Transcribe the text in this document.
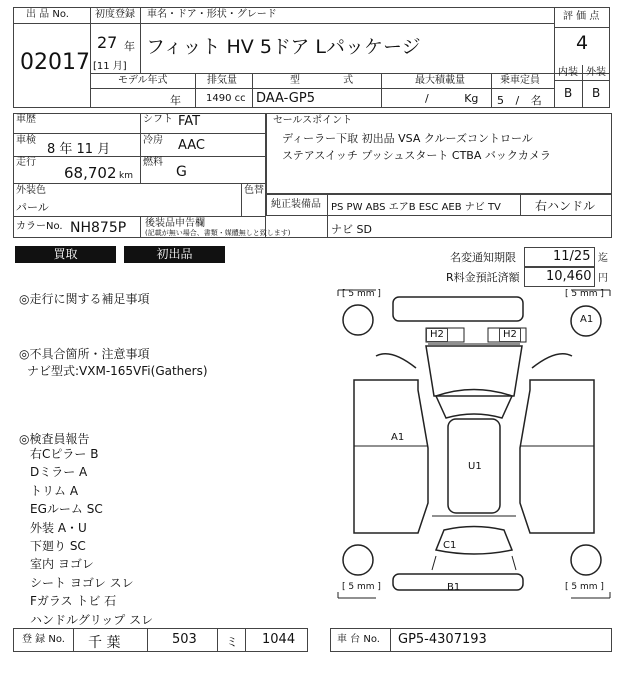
出 品 No.
02017
初度登録
27 年
[11 月]
車名・ドア・形状・グレード
フィット HV 5ドア Lパッケージ
評 価 点
4
モデル年式
年
排気量
1490 cc
型 式
DAA-GP5
最大積載量
/ Kg
乗車定員
5 / 名
内装 外装
B B
車歴	シフト FAT
車検
8 年 11 月
冷房 AAC
走行
68,702 km
燃料
G
外装色
パール
色替
カラーNo. NH875P
セールスポイント
ディーラー下取 初出品 VSA クルーズコントロール
ステアスイッチ プッシュスタート CTBA バックカメラ
純正装備品 PS PW ABS エアB ESC AEB ナビ TV	右ハンドル
後装品申告欄
(記載が無い場合、書類・媒體無しと致します)	ナビ SD
買取	初出品	名変通知期限	11/25 迄
R料金預託済額 10,460 円
◎走行に関する補足事項
◎不具合箇所・注意事項
ナビ型式:VXM-165VFi(Gathers)
◎検査員報告
右Cピラー B
Dミラー A
トリム A
EGルーム SC
外装 A・U
下廻り SC
室内 ヨゴレ
シート ヨゴレ スレ
Fガラス トビ 石
ハンドルグリップ スレ
[ 5 mm ]	[ 5 mm ]
[ 5 mm ]	[ 5 mm ]
A1
H2	H2
A1
U1
C1
B1
登 録 No. 千 葉	503 ミ 1044	車 台 No. GP5-4307193
